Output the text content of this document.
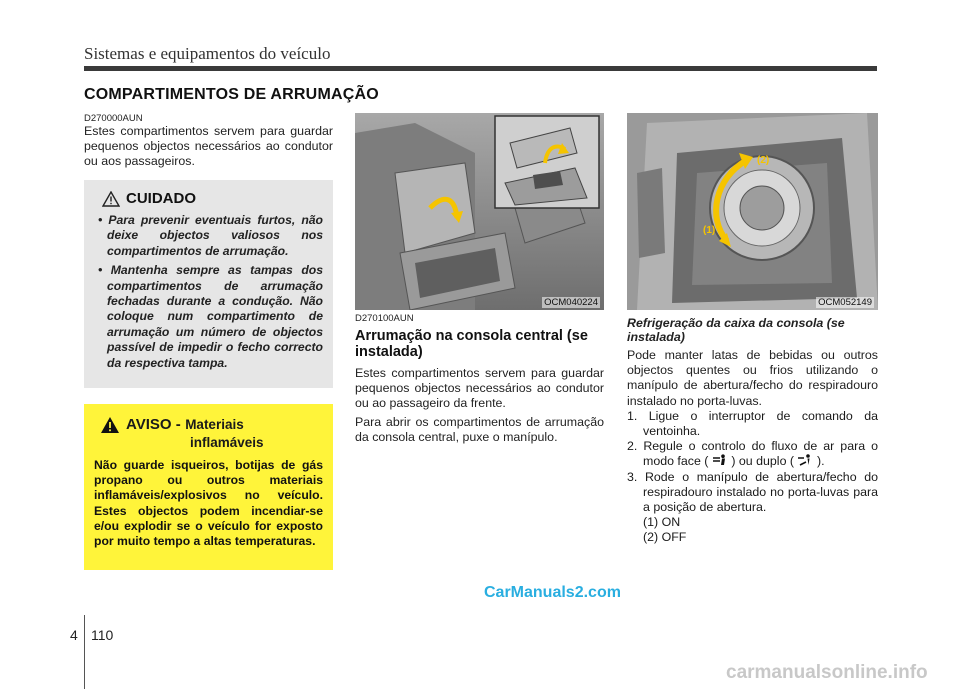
Sistemas e equipamentos do veículo
COMPARTIMENTOS DE ARRUMAÇÃO
D270000AUN

Estes compartimentos servem para guardar pequenos objectos necessários ao condutor ou aos passageiros.

CUIDADO
• Para prevenir eventuais furtos, não deixe objectos valiosos nos compartimentos de arrumação.
• Mantenha sempre as tampas dos compartimentos de arrumação fechadas durante a condução. Não coloque num compartimento de arrumação um número de objectos passível de impedir o fecho correcto da respectiva tampa.
AVISO - Materiais
inflamáveis

Não guarde isqueiros, botijas de gás propano ou outros materiais inflamáveis/explosivos no veículo. Estes objectos podem incendiar-se e/ou explodir se o veículo for exposto por muito tempo a altas temperaturas.

OCM040224
(2)
(1)
OCM052149
D270100AUN
Arrumação na consola central (se instalada)

Estes compartimentos servem para guardar pequenos objectos necessários ao condutor ou ao passageiro da frente.

Para abrir os compartimentos de arrumação da consola central, puxe o manípulo.

Refrigeração da caixa da consola (se instalada)

Pode manter latas de bebidas ou outros objectos quentes ou frios utilizando o manípulo de abertura/fecho do respiradouro instalado no porta-luvas.

1. Ligue o interruptor de comando da ventoinha.
2. Regule o controlo do fluxo de ar para o modo face ( ) ou duplo ( ).
3. Rode o manípulo de abertura/fecho do respiradouro instalado no porta-luvas para a posição de abertura.
(1) ON
(2) OFF
CarManuals2.com
4 110
carmanualsonline.info
